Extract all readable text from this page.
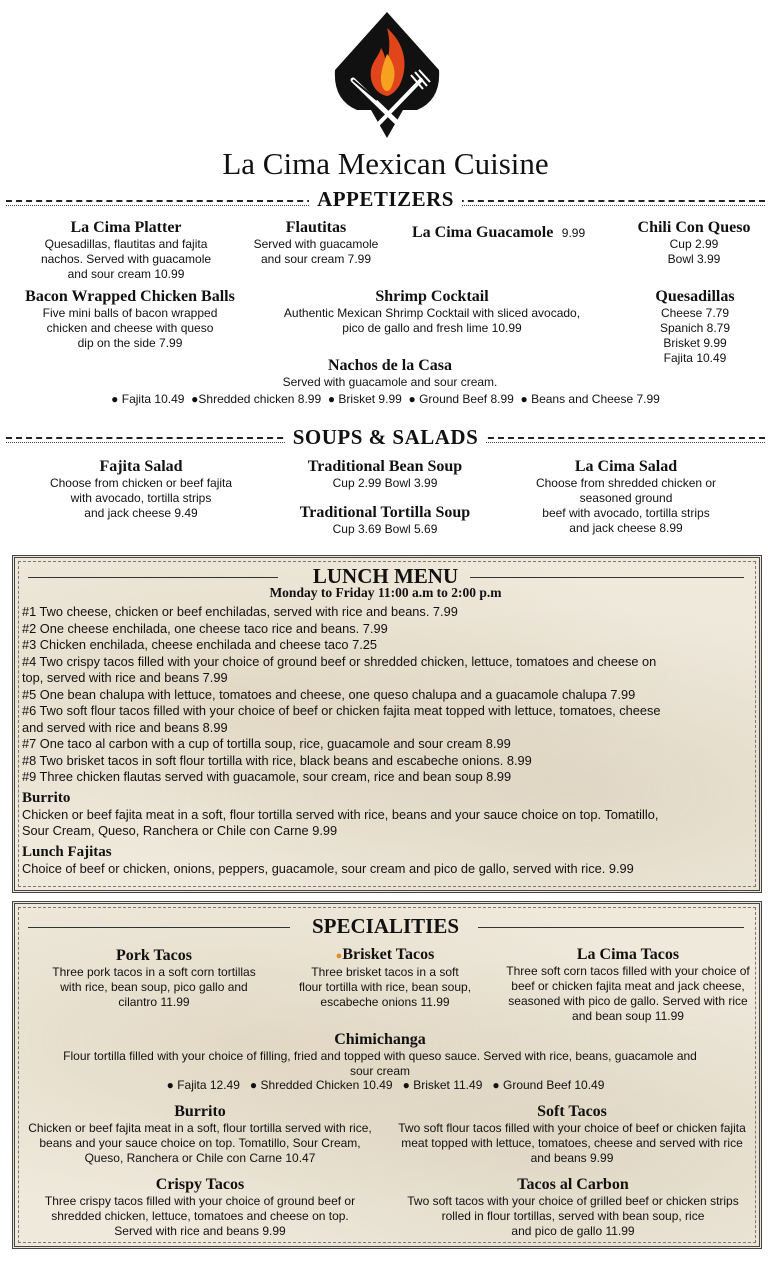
La Cima Mexican Cuisine
APPETIZERS
La Cima Platter
Quesadillas, flautitas and fajita
nachos. Served with guacamole
and sour cream 10.99
Flautitas
Served with guacamole
and sour cream 7.99
La Cima Guacamole 9.99	Chili Con Queso
Cup 2.99
Bowl 3.99
Bacon Wrapped Chicken Balls
Five mini balls of bacon wrapped
chicken and cheese with queso
dip on the side 7.99
Shrimp Cocktail
Authentic Mexican Shrimp Cocktail with sliced avocado,
pico de gallo and fresh lime 10.99
Quesadillas
Cheese 7.79
Spanich 8.79
Brisket 9.99
Fajita 10.49
Nachos de la Casa
Served with guacamole and sour cream.
● Fajita 10.49 ●Shredded chicken 8.99 ● Brisket 9.99 ● Ground Beef 8.99 ● Beans and Cheese 7.99
SOUPS & SALADS
Fajita Salad
Choose from chicken or beef fajita
with avocado, tortilla strips
and jack cheese 9.49
Traditional Bean Soup
Cup 2.99 Bowl 3.99
Traditional Tortilla Soup
Cup 3.69 Bowl 5.69
La Cima Salad
Choose from shredded chicken or
seasoned ground
beef with avocado, tortilla strips
and jack cheese 8.99
LUNCH MENU
Monday to Friday 11:00 a.m to 2:00 p.m
#1 Two cheese, chicken or beef enchiladas, served with rice and beans. 7.99
#2 One cheese enchilada, one cheese taco rice and beans. 7.99
#3 Chicken enchilada, cheese enchilada and cheese taco 7.25
#4 Two crispy tacos filled with your choice of ground beef or shredded chicken, lettuce, tomatoes and cheese on
top, served with rice and beans 7.99
#5 One bean chalupa with lettuce, tomatoes and cheese, one queso chalupa and a guacamole chalupa 7.99
#6 Two soft flour tacos filled with your choice of beef or chicken fajita meat topped with lettuce, tomatoes, cheese
and served with rice and beans 8.99
#7 One taco al carbon with a cup of tortilla soup, rice, guacamole and sour cream 8.99
#8 Two brisket tacos in soft flour tortilla with rice, black beans and escabeche onions. 8.99
#9 Three chicken flautas served with guacamole, sour cream, rice and bean soup 8.99
Burrito
Chicken or beef fajita meat in a soft, flour tortilla served with rice, beans and your sauce choice on top. Tomatillo,
Sour Cream, Queso, Ranchera or Chile con Carne 9.99
Lunch Fajitas
Choice of beef or chicken, onions, peppers, guacamole, sour cream and pico de gallo, served with rice. 9.99
SPECIALITIES
Pork Tacos
Three pork tacos in a soft corn tortillas
with rice, bean soup, pico gallo and
cilantro 11.99
●Brisket Tacos
Three brisket tacos in a soft
flour tortilla with rice, bean soup,
escabeche onions 11.99
La Cima Tacos
Three soft corn tacos filled with your choice of
beef or chicken fajita meat and jack cheese,
seasoned with pico de gallo. Served with rice
and bean soup 11.99
Chimichanga
Flour tortilla filled with your choice of filling, fried and topped with queso sauce. Served with rice, beans, guacamole and
sour cream
● Fajita 12.49 ● Shredded Chicken 10.49 ● Brisket 11.49 ● Ground Beef 10.49
Burrito
Chicken or beef fajita meat in a soft, flour tortilla served with rice,
beans and your sauce choice on top. Tomatillo, Sour Cream,
Queso, Ranchera or Chile con Carne 10.47
Soft Tacos
Two soft flour tacos filled with your choice of beef or chicken fajita
meat topped with lettuce, tomatoes, cheese and served with rice
and beans 9.99
Crispy Tacos
Three crispy tacos filled with your choice of ground beef or
shredded chicken, lettuce, tomatoes and cheese on top.
Served with rice and beans 9.99
Tacos al Carbon
Two soft tacos with your choice of grilled beef or chicken strips
rolled in flour tortillas, served with bean soup, rice
and pico de gallo 11.99
